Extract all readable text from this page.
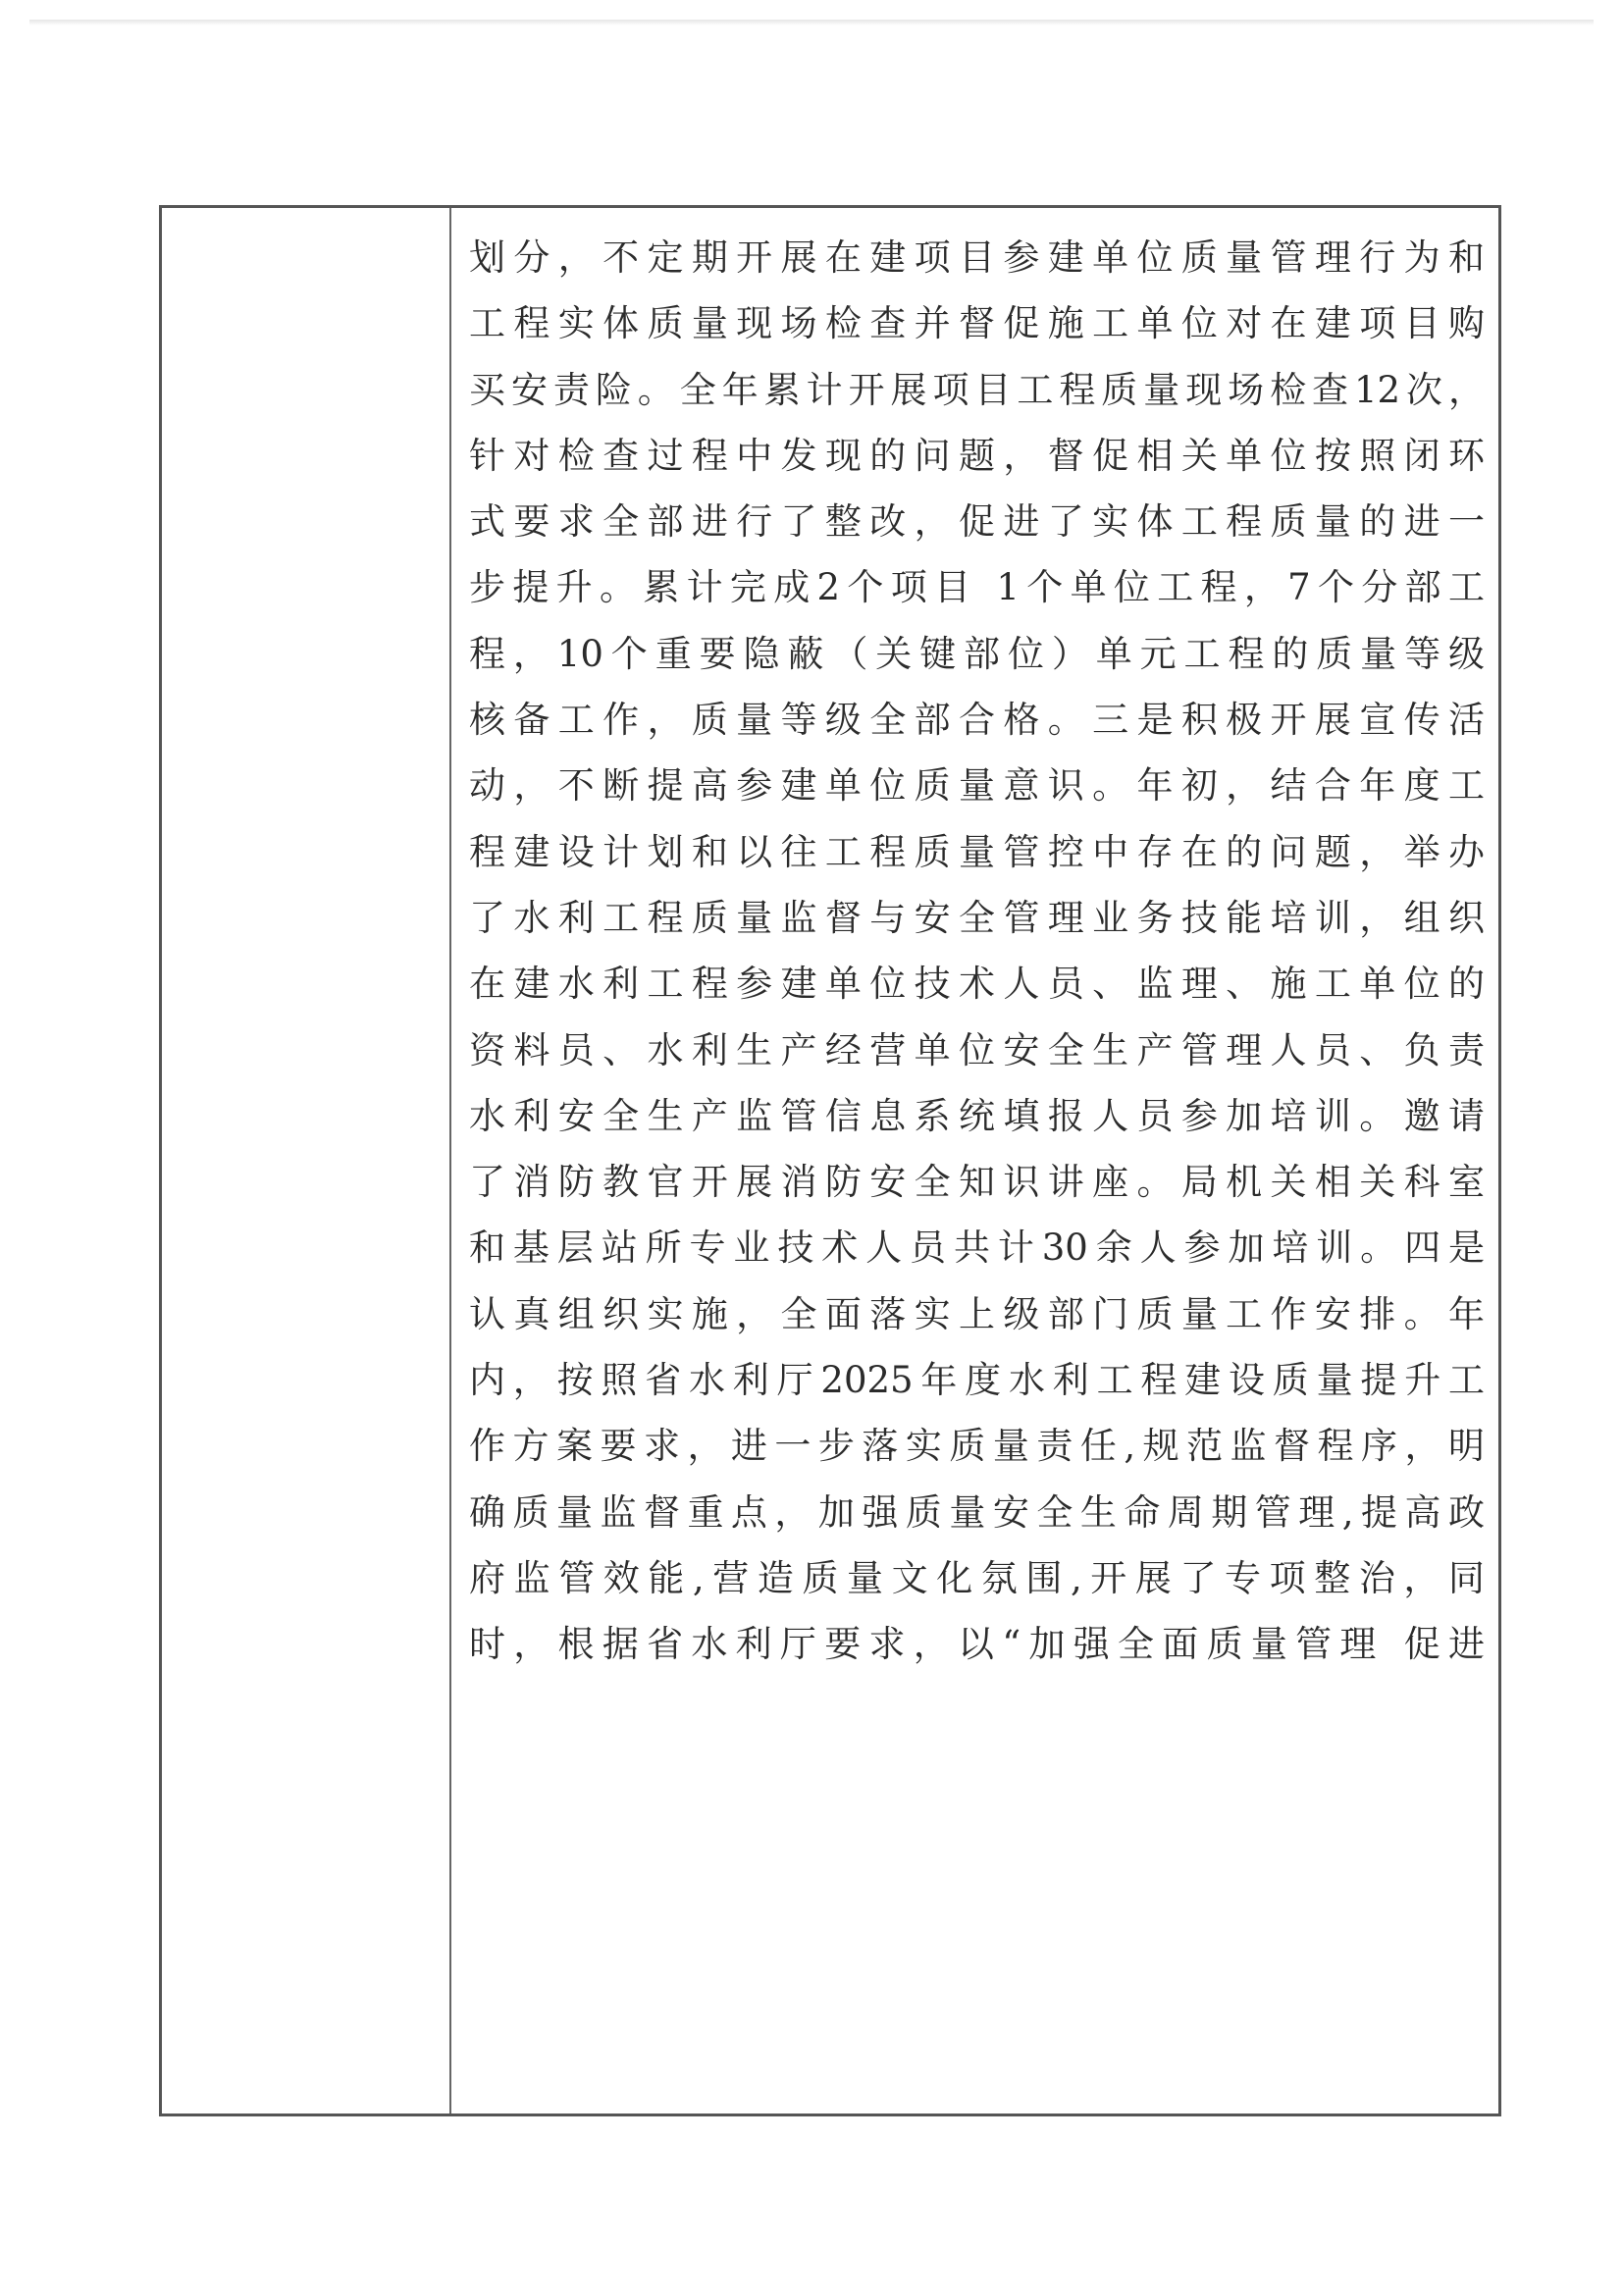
划分，不定期开展在建项目参建单位质量管理行为和
工程实体质量现场检查并督促施工单位对在建项目购
买安责险。全年累计开展项目工程质量现场检查12次，
针对检查过程中发现的问题，督促相关单位按照闭环
式要求全部进行了整改，促进了实体工程质量的进一
步提升。累计完成2个项目 1个单位工程，7个分部工
程，10个重要隐蔽（关键部位）单元工程的质量等级
核备工作，质量等级全部合格。三是积极开展宣传活
动，不断提高参建单位质量意识。年初，结合年度工
程建设计划和以往工程质量管控中存在的问题，举办
了水利工程质量监督与安全管理业务技能培训，组织
在建水利工程参建单位技术人员、监理、施工单位的
资料员、水利生产经营单位安全生产管理人员、负责
水利安全生产监管信息系统填报人员参加培训。邀请
了消防教官开展消防安全知识讲座。局机关相关科室
和基层站所专业技术人员共计30余人参加培训。四是
认真组织实施，全面落实上级部门质量工作安排。年
内，按照省水利厅2025年度水利工程建设质量提升工
作方案要求，进一步落实质量责任,规范监督程序，明
确质量监督重点，加强质量安全生命周期管理,提高政
府监管效能,营造质量文化氛围,开展了专项整治，同
时，根据省水利厅要求，以“加强全面质量管理 促进
